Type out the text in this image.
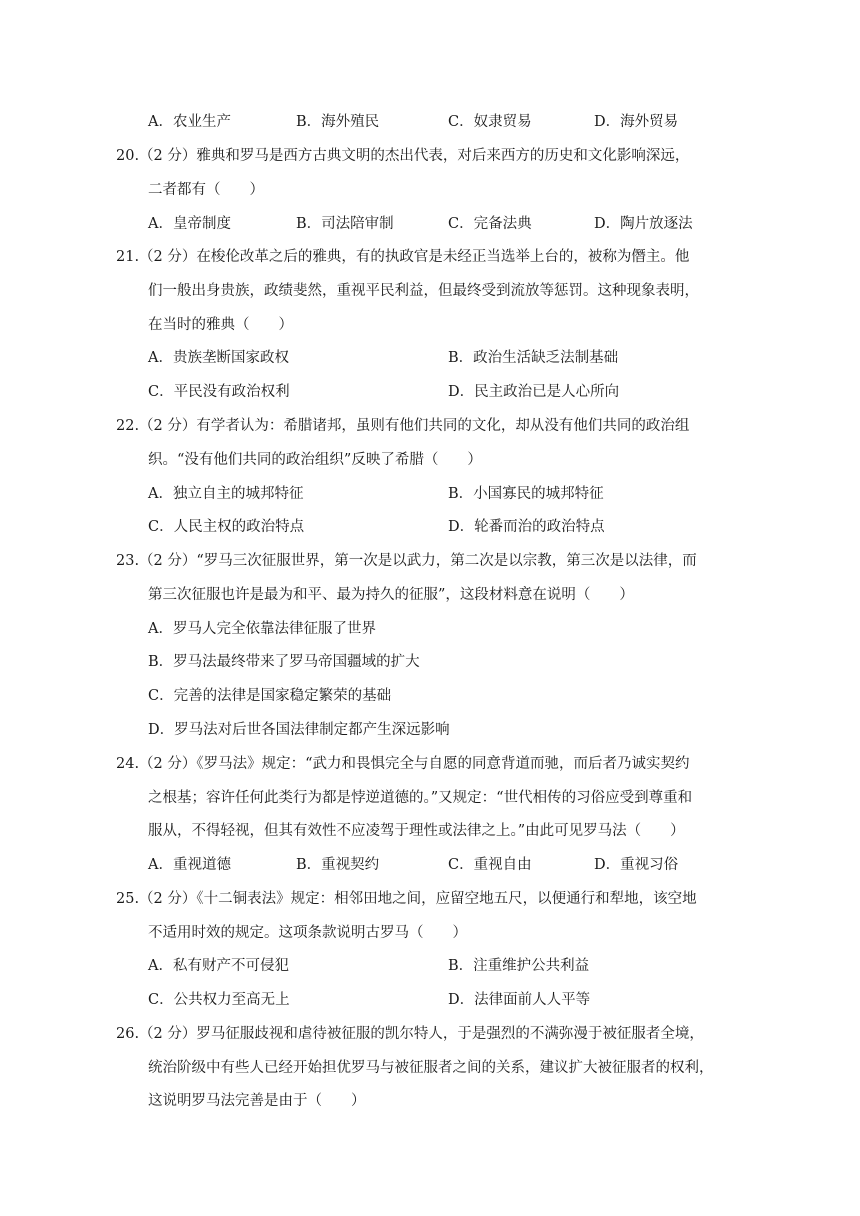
A．农业生产	B．海外殖民	C．奴隶贸易	D．海外贸易
20.（2 分）雅典和罗马是西方古典文明的杰出代表，对后来西方的历史和文化影响深远，
二者都有（　　）
A．皇帝制度	B．司法陪审制	C．完备法典	D．陶片放逐法
21.（2 分）在梭伦改革之后的雅典，有的执政官是未经正当选举上台的，被称为僭主。他
们一般出身贵族，政绩斐然，重视平民利益，但最终受到流放等惩罚。这种现象表明，
在当时的雅典（　　）
A．贵族垄断国家政权	B．政治生活缺乏法制基础
C．平民没有政治权利	D．民主政治已是人心所向
22.（2 分）有学者认为：希腊诸邦，虽则有他们共同的文化，却从没有他们共同的政治组
织。“没有他们共同的政治组织”反映了希腊（　　）
A．独立自主的城邦特征	B．小国寡民的城邦特征
C．人民主权的政治特点	D．轮番而治的政治特点
23.（2 分）“罗马三次征服世界，第一次是以武力，第二次是以宗教，第三次是以法律，而
第三次征服也许是最为和平、最为持久的征服”，这段材料意在说明（　　）
A．罗马人完全依靠法律征服了世界
B．罗马法最终带来了罗马帝国疆域的扩大
C．完善的法律是国家稳定繁荣的基础
D．罗马法对后世各国法律制定都产生深远影响
24.（2 分）《罗马法》规定：“武力和畏惧完全与自愿的同意背道而驰，而后者乃诚实契约
之根基；容许任何此类行为都是悖逆道德的。”又规定：“世代相传的习俗应受到尊重和
服从，不得轻视，但其有效性不应凌驾于理性或法律之上。”由此可见罗马法（　　）
A．重视道德	B．重视契约	C．重视自由	D．重视习俗
25.（2 分）《十二铜表法》规定：相邻田地之间，应留空地五尺，以便通行和犁地，该空地
不适用时效的规定。这项条款说明古罗马（　　）
A．私有财产不可侵犯	B．注重维护公共利益
C．公共权力至高无上	D．法律面前人人平等
26.（2 分）罗马征服歧视和虐待被征服的凯尔特人，于是强烈的不满弥漫于被征服者全境，
统治阶级中有些人已经开始担优罗马与被征服者之间的关系，建议扩大被征服者的权利，
这说明罗马法完善是由于（　　）
